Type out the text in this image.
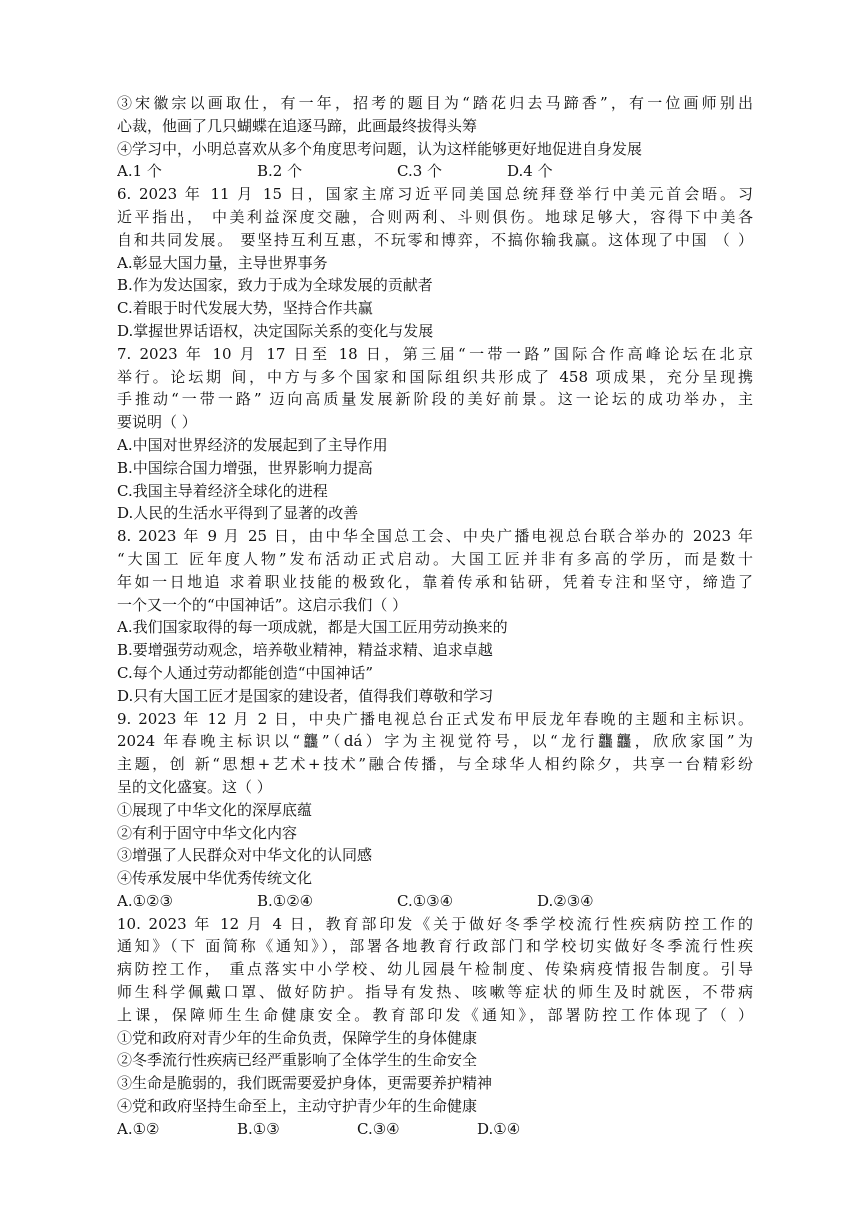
③宋徽宗以画取仕，有一年，招考的题目为“踏花归去马蹄香”，有一位画师别出

心裁，他画了几只蝴蝶在追逐马蹄，此画最终拔得头筹

④学习中，小明总喜欢从多个角度思考问题，认为这样能够更好地促进自身发展

A.1 个	B.2 个	C.3 个	D.4 个

6. 2023 年 11 月 15 日，国家主席习近平同美国总统拜登举行中美元首会晤。习

近平指出， 中美利益深度交融，合则两利、斗则俱伤。地球足够大，容得下中美各

自和共同发展。 要坚持互利互惠，不玩零和博弈，不搞你输我赢。这体现了中国 （ ）

A.彰显大国力量，主导世界事务

B.作为发达国家，致力于成为全球发展的贡献者

C.着眼于时代发展大势，坚持合作共赢

D.掌握世界话语权，决定国际关系的变化与发展

7. 2023 年 10 月 17 日至 18 日，第三届“一带一路”国际合作高峰论坛在北京

举行。论坛期 间，中方与多个国家和国际组织共形成了 458 项成果，充分呈现携

手推动“一带一路” 迈向高质量发展新阶段的美好前景。这一论坛的成功举办，主

要说明（ ）

A.中国对世界经济的发展起到了主导作用

B.中国综合国力增强，世界影响力提高

C.我国主导着经济全球化的进程

D.人民的生活水平得到了显著的改善

8. 2023 年 9 月 25 日，由中华全国总工会、中央广播电视总台联合举办的 2023 年

“大国工 匠年度人物”发布活动正式启动。大国工匠并非有多高的学历，而是数十

年如一日地追 求着职业技能的极致化，靠着传承和钻研，凭着专注和坚守，缔造了

一个又一个的“中国神话”。这启示我们（ ）

A.我们国家取得的每一项成就，都是大国工匠用劳动换来的

B.要增强劳动观念，培养敬业精神，精益求精、追求卓越

C.每个人通过劳动都能创造“中国神话”

D.只有大国工匠才是国家的建设者，值得我们尊敬和学习

9. 2023 年 12 月 2 日，中央广播电视总台正式发布甲辰龙年春晚的主题和主标识。

2024 年春晚主标识以“龘”（dá）字为主视觉符号，以“龙行龘龘，欣欣家国”为

主题，创 新“思想+艺术+技术”融合传播，与全球华人相约除夕，共享一台精彩纷

呈的文化盛宴。这（ ）

①展现了中华文化的深厚底蕴

②有利于固守中华文化内容

③增强了人民群众对中华文化的认同感

④传承发展中华优秀传统文化

A.①②③	B.①②④	C.①③④	D.②③④

10. 2023 年 12 月 4 日，教育部印发《关于做好冬季学校流行性疾病防控工作的

通知》（下 面简称《通知》），部署各地教育行政部门和学校切实做好冬季流行性疾

病防控工作， 重点落实中小学校、幼儿园晨午检制度、传染病疫情报告制度。引导

师生科学佩戴口罩、做好防护。指导有发热、咳嗽等症状的师生及时就医，不带病

上课，保障师生生命健康安全。教育部印发《通知》，部署防控工作体现了（ ）

①党和政府对青少年的生命负责，保障学生的身体健康

②冬季流行性疾病已经严重影响了全体学生的生命安全

③生命是脆弱的，我们既需要爱护身体，更需要养护精神

④党和政府坚持生命至上，主动守护青少年的生命健康

A.①②	B.①③	C.③④	D.①④
